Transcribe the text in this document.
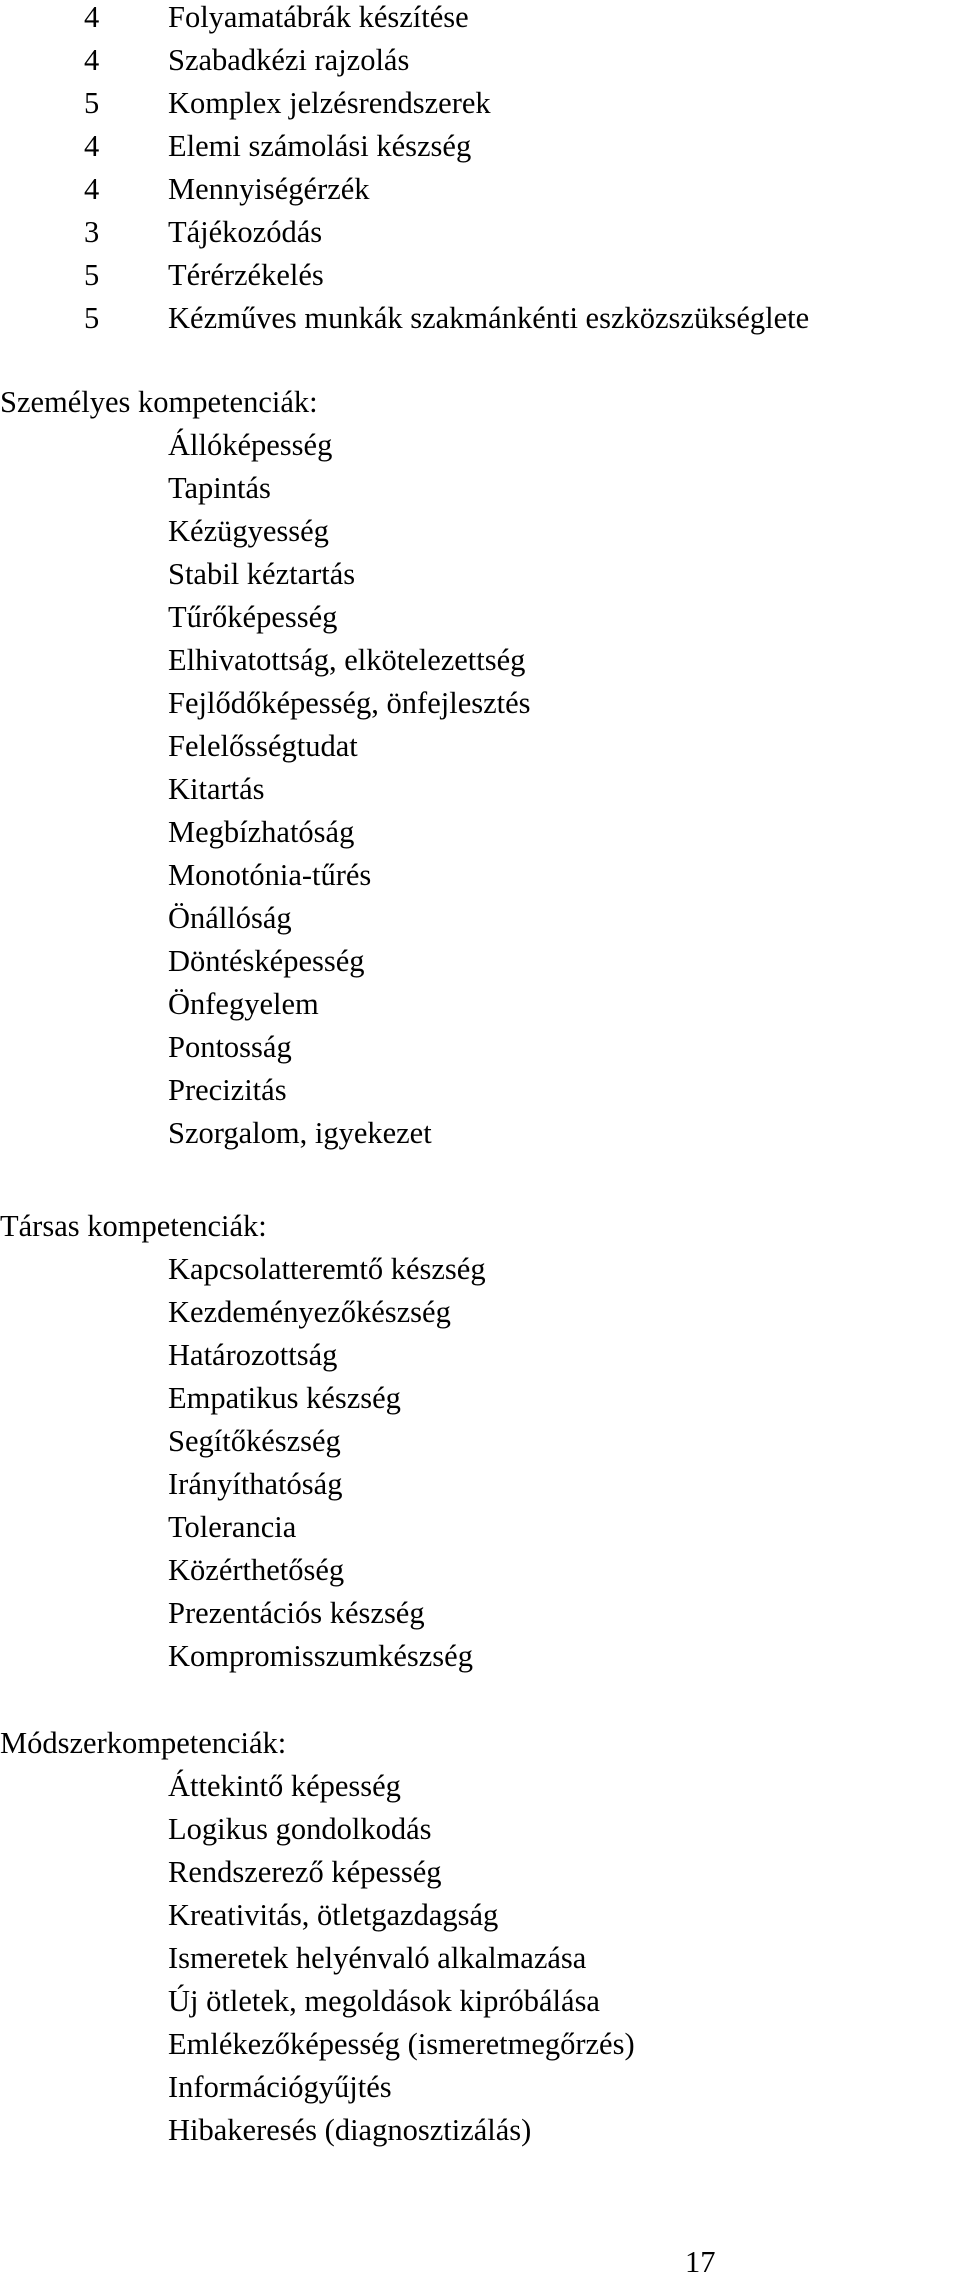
4 Folyamatábrák készítése
4 Szabadkézi rajzolás
5 Komplex jelzésrendszerek
4 Elemi számolási készség
4 Mennyiségérzék
3 Tájékozódás
5 Térérzékelés
5 Kézműves munkák szakmánkénti eszközszükséglete
Személyes kompetenciák:
Állóképesség
Tapintás
Kézügyesség
Stabil kéztartás
Tűrőképesség
Elhivatottság, elkötelezettség
Fejlődőképesség, önfejlesztés
Felelősségtudat
Kitartás
Megbízhatóság
Monotónia-tűrés
Önállóság
Döntésképesség
Önfegyelem
Pontosság
Precizitás
Szorgalom, igyekezet
Társas kompetenciák:
Kapcsolatteremtő készség
Kezdeményezőkészség
Határozottság
Empatikus készség
Segítőkészség
Irányíthatóság
Tolerancia
Közérthetőség
Prezentációs készség
Kompromisszumkészség
Módszerkompetenciák:
Áttekintő képesség
Logikus gondolkodás
Rendszerező képesség
Kreativitás, ötletgazdagság
Ismeretek helyénvaló alkalmazása
Új ötletek, megoldások kipróbálása
Emlékezőképesség (ismeretmegőrzés)
Információgyűjtés
Hibakeresés (diagnosztizálás)
17
